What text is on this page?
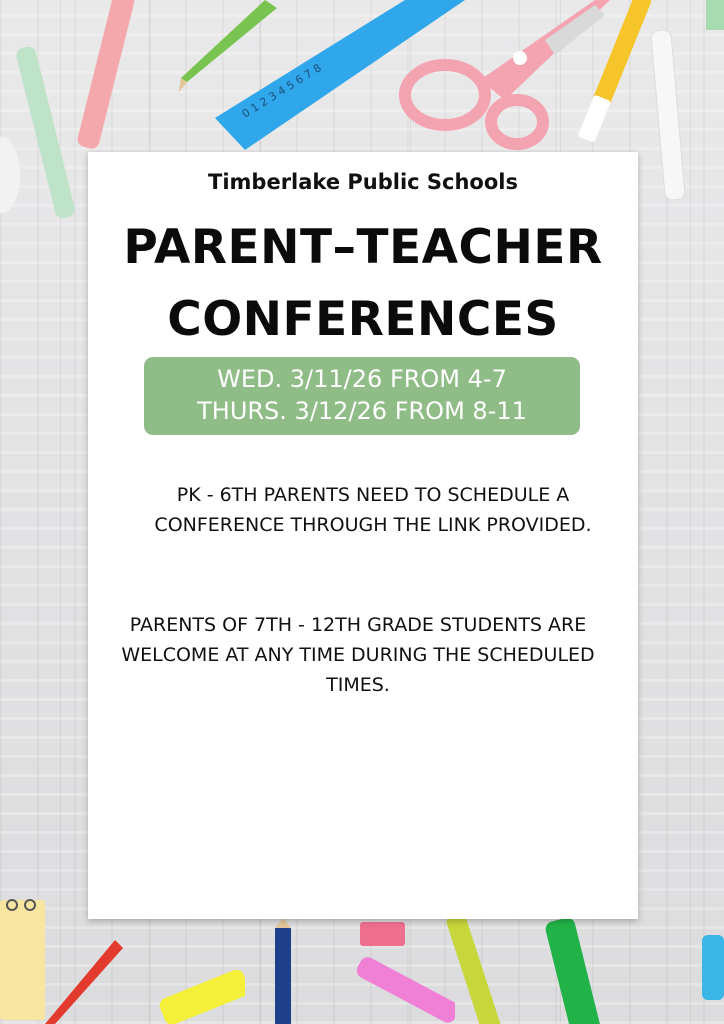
0 1 2 3 4 5 6 7 8
Timberlake Public Schools
PARENT–TEACHER
CONFERENCES
WED. 3/11/26 FROM 4-7
THURS. 3/12/26 FROM 8-11
PK - 6TH PARENTS NEED TO SCHEDULE A CONFERENCE THROUGH THE LINK PROVIDED.
PARENTS OF 7TH - 12TH GRADE STUDENTS ARE WELCOME AT ANY TIME DURING THE SCHEDULED TIMES.
